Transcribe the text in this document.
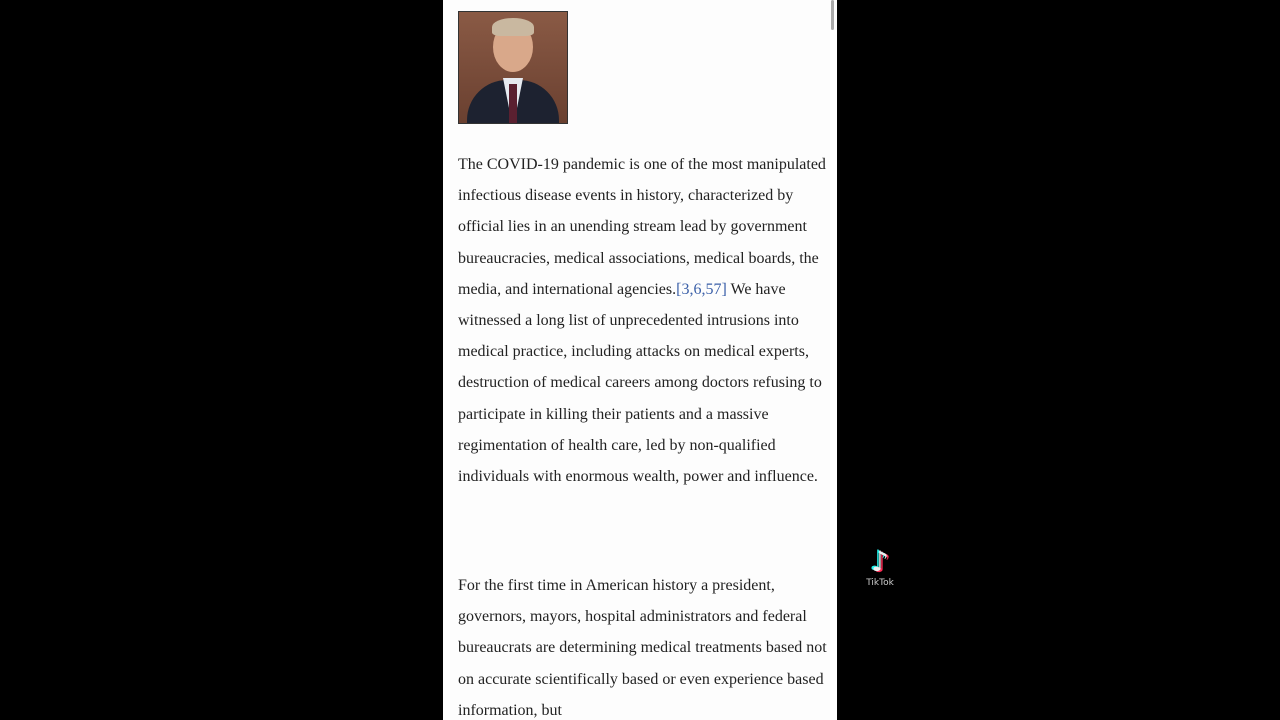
The COVID-19 pandemic is one of the most manipulated infectious disease events in history, characterized by official lies in an unending stream lead by government bureaucracies, medical associations, medical boards, the media, and international agencies.[3,6,57] We have witnessed a long list of unprecedented intrusions into medical practice, including attacks on medical experts, destruction of medical careers among doctors refusing to participate in killing their patients and a massive regimentation of health care, led by non-qualified individuals with enormous wealth, power and influence.
For the first time in American history a president, governors, mayors, hospital administrators and federal bureaucrats are determining medical treatments based not on accurate scientifically based or even experience based information, but
♪
TikTok
